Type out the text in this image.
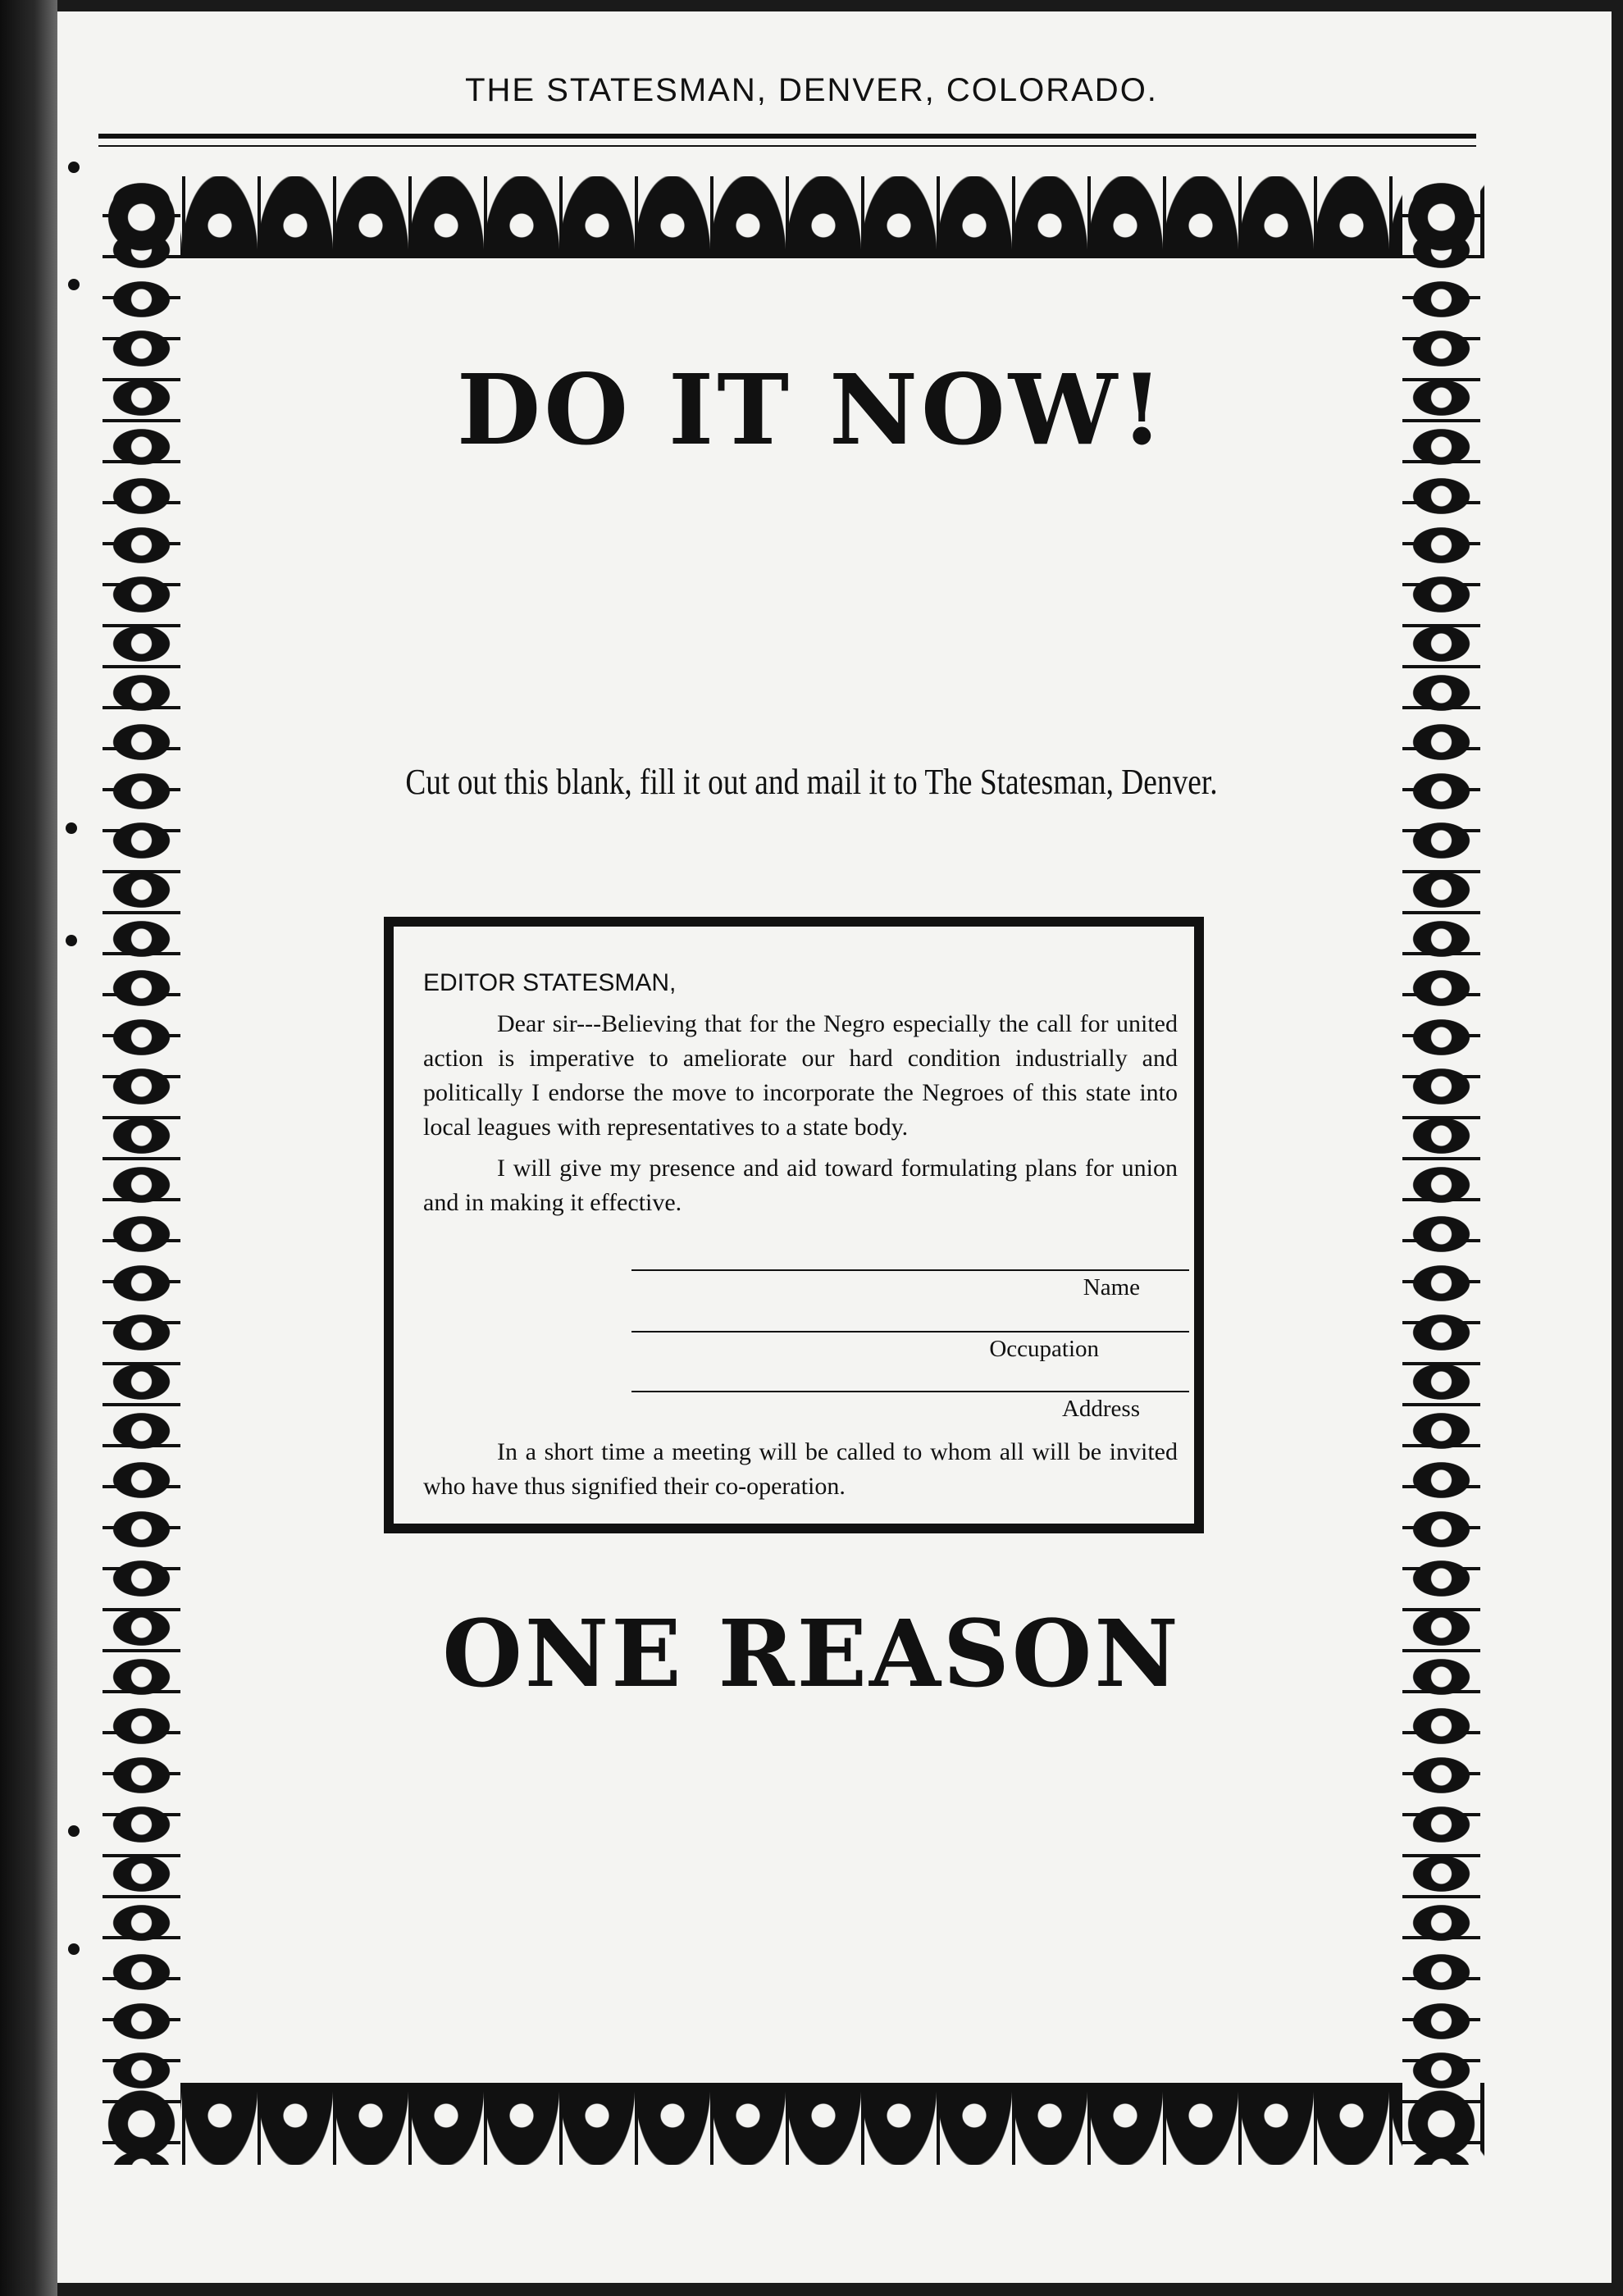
THE STATESMAN, DENVER, COLORADO.
DO IT NOW!
Cut out this blank, fill it out and mail it to The Statesman, Denver.
EDITOR STATESMAN,

Dear sir---Believing that for the Negro especially the call for united action is imperative to ameliorate our hard condition industrially and politically I endorse the move to incorporate the Negroes of this state into local leagues with representatives to a state body.

I will give my presence and aid toward formulating plans for union and in making it effective.

Name
Occupation
Address
In a short time a meeting will be called to whom all will be invited who have thus signified their co-operation.
ONE REASON
